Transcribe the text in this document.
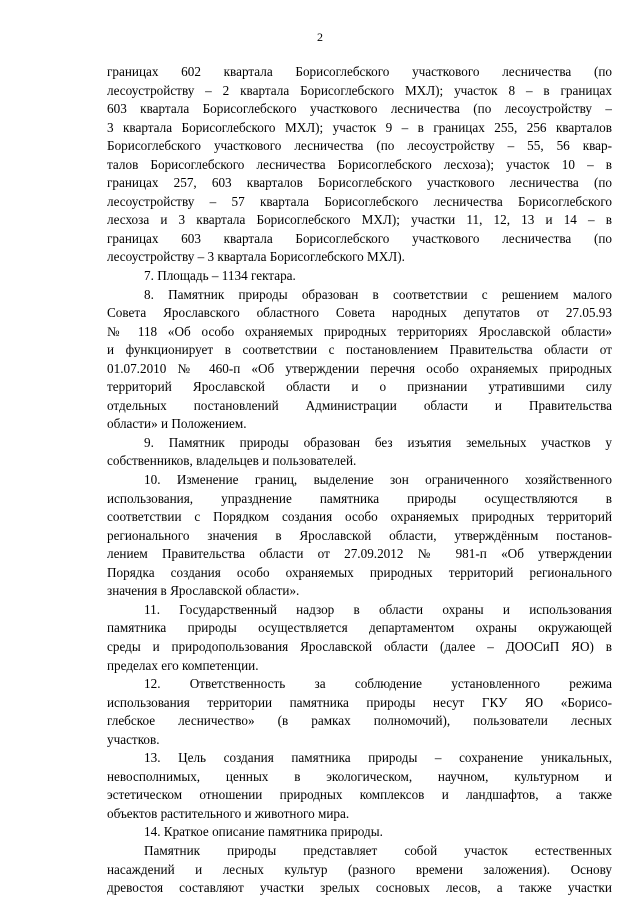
2
границах 602 квартала Борисоглебского участкового лесничества (по
лесоустройству – 2 квартала Борисоглебского МХЛ); участок 8 – в границах
603 квартала Борисоглебского участкового лесничества (по лесоустройству –
3 квартала Борисоглебского МХЛ); участок 9 – в границах 255, 256 кварталов
Борисоглебского участкового лесничества (по лесоустройству – 55, 56 квар-
талов Борисоглебского лесничества Борисоглебского лесхоза); участок 10 – в
границах 257, 603 кварталов Борисоглебского участкового лесничества (по
лесоустройству – 57 квартала Борисоглебского лесничества Борисоглебского
лесхоза и 3 квартала Борисоглебского МХЛ); участки 11, 12, 13 и 14 – в
границах 603 квартала Борисоглебского участкового лесничества (по
лесоустройству – 3 квартала Борисоглебского МХЛ).
7. Площадь – 1134 гектара.
8. Памятник природы образован в соответствии с решением малого
Совета Ярославского областного Совета народных депутатов от 27.05.93
№ 118 «Об особо охраняемых природных территориях Ярославской области»
и функционирует в соответствии с постановлением Правительства области от
01.07.2010 № 460-п «Об утверждении перечня особо охраняемых природных
территорий Ярославской области и о признании утратившими силу
отдельных постановлений Администрации области и Правительства
области» и Положением.
9. Памятник природы образован без изъятия земельных участков у
собственников, владельцев и пользователей.
10. Изменение границ, выделение зон ограниченного хозяйственного
использования, упразднение памятника природы осуществляются в
соответствии с Порядком создания особо охраняемых природных территорий
регионального значения в Ярославской области, утверждённым постанов-
лением Правительства области от 27.09.2012 № 981-п «Об утверждении
Порядка создания особо охраняемых природных территорий регионального
значения в Ярославской области».
11. Государственный надзор в области охраны и использования
памятника природы осуществляется департаментом охраны окружающей
среды и природопользования Ярославской области (далее – ДООСиП ЯО) в
пределах его компетенции.
12. Ответственность за соблюдение установленного режима
использования территории памятника природы несут ГКУ ЯО «Борисо-
глебское лесничество» (в рамках полномочий), пользователи лесных
участков.
13. Цель создания памятника природы – сохранение уникальных,
невосполнимых, ценных в экологическом, научном, культурном и
эстетическом отношении природных комплексов и ландшафтов, а также
объектов растительного и животного мира.
14. Краткое описание памятника природы.
Памятник природы представляет собой участок естественных
насаждений и лесных культур (разного времени заложения). Основу
древостоя составляют участки зрелых сосновых лесов, а также участки
